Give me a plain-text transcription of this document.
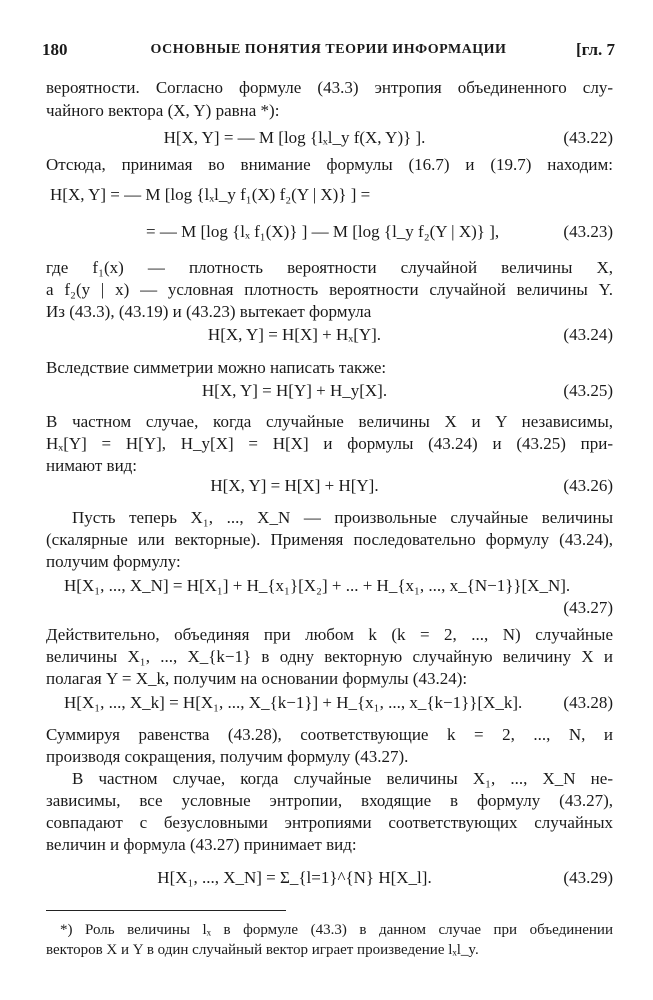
180	ОСНОВНЫЕ ПОНЯТИЯ ТЕОРИИ ИНФОРМАЦИИ	[гл. 7
вероятности. Согласно формуле (43.3) энтропия объединенного слу-
чайного вектора (X, Y) равна *):
H[X, Y] = — M [log {lₓl_y f(X, Y)} ].	(43.22)
Отсюда, принимая во внимание формулы (16.7) и (19.7) находим:
H[X, Y] = — M [log {lₓl_y f₁(X) f₂(Y | X)} ] =
= — M [log {lₓ f₁(X)} ] — M [log {l_y f₂(Y | X)} ],	(43.23)
где f₁(x) — плотность вероятности случайной величины X,
а f₂(y | x) — условная плотность вероятности случайной величины Y.
Из (43.3), (43.19) и (43.23) вытекает формула
H[X, Y] = H[X] + Hₓ[Y].	(43.24)
Вследствие симметрии можно написать также:
H[X, Y] = H[Y] + H_y[X].	(43.25)
В частном случае, когда случайные величины X и Y независимы,
Hₓ[Y] = H[Y], H_y[X] = H[X] и формулы (43.24) и (43.25) при-
нимают вид:
H[X, Y] = H[X] + H[Y].	(43.26)
Пусть теперь X₁, ..., X_N — произвольные случайные величины
(скалярные или векторные). Применяя последовательно формулу (43.24),
получим формулу:
H[X₁, ..., X_N] = H[X₁] + H_{x₁}[X₂] + ... + H_{x₁, ..., x_{N−1}}[X_N].
(43.27)
Действительно, объединяя при любом k (k = 2, ..., N) случайные
величины X₁, ..., X_{k−1} в одну векторную случайную величину X и
полагая Y = X_k, получим на основании формулы (43.24):
H[X₁, ..., X_k] = H[X₁, ..., X_{k−1}] + H_{x₁, ..., x_{k−1}}[X_k]. (43.28)
Суммируя равенства (43.28), соответствующие k = 2, ..., N, и
производя сокращения, получим формулу (43.27).
В частном случае, когда случайные величины X₁, ..., X_N не-
зависимы, все условные энтропии, входящие в формулу (43.27),
совпадают с безусловными энтропиями соответствующих случайных
величин и формула (43.27) принимает вид:
H[X₁, ..., X_N] = Σ_{l=1}^{N} H[X_l].	(43.29)
*) Роль величины lₓ в формуле (43.3) в данном случае при объединении
векторов X и Y в один случайный вектор играет произведение lₓl_y.
